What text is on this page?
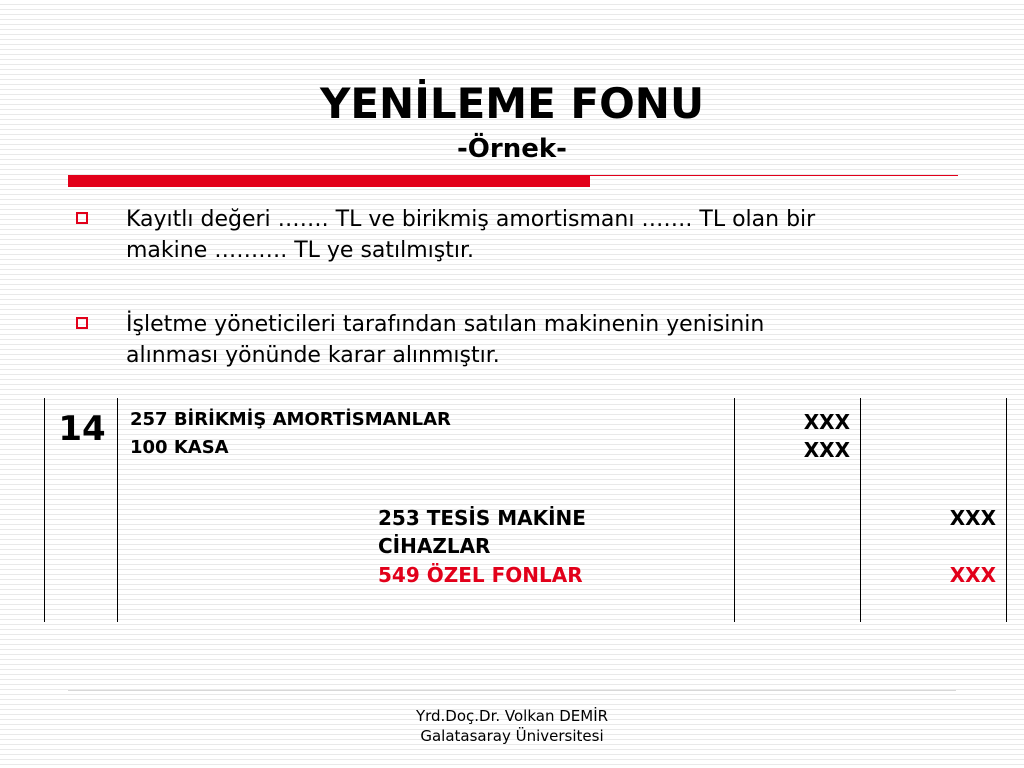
YENİLEME FONU
-Örnek-
Kayıtlı değeri ……. TL ve birikmiş amortismanı ……. TL olan bir
makine ………. TL ye satılmıştır.
İşletme yöneticileri tarafından satılan makinenin yenisinin
alınması yönünde karar alınmıştır.
14	257 BİRİKMİŞ AMORTİSMANLAR
100 KASA
XXX
XXX
253 TESİS MAKİNE
CİHAZLAR
549 ÖZEL FONLAR
XXX
XXX
Yrd.Doç.Dr. Volkan DEMİR
Galatasaray Üniversitesi
